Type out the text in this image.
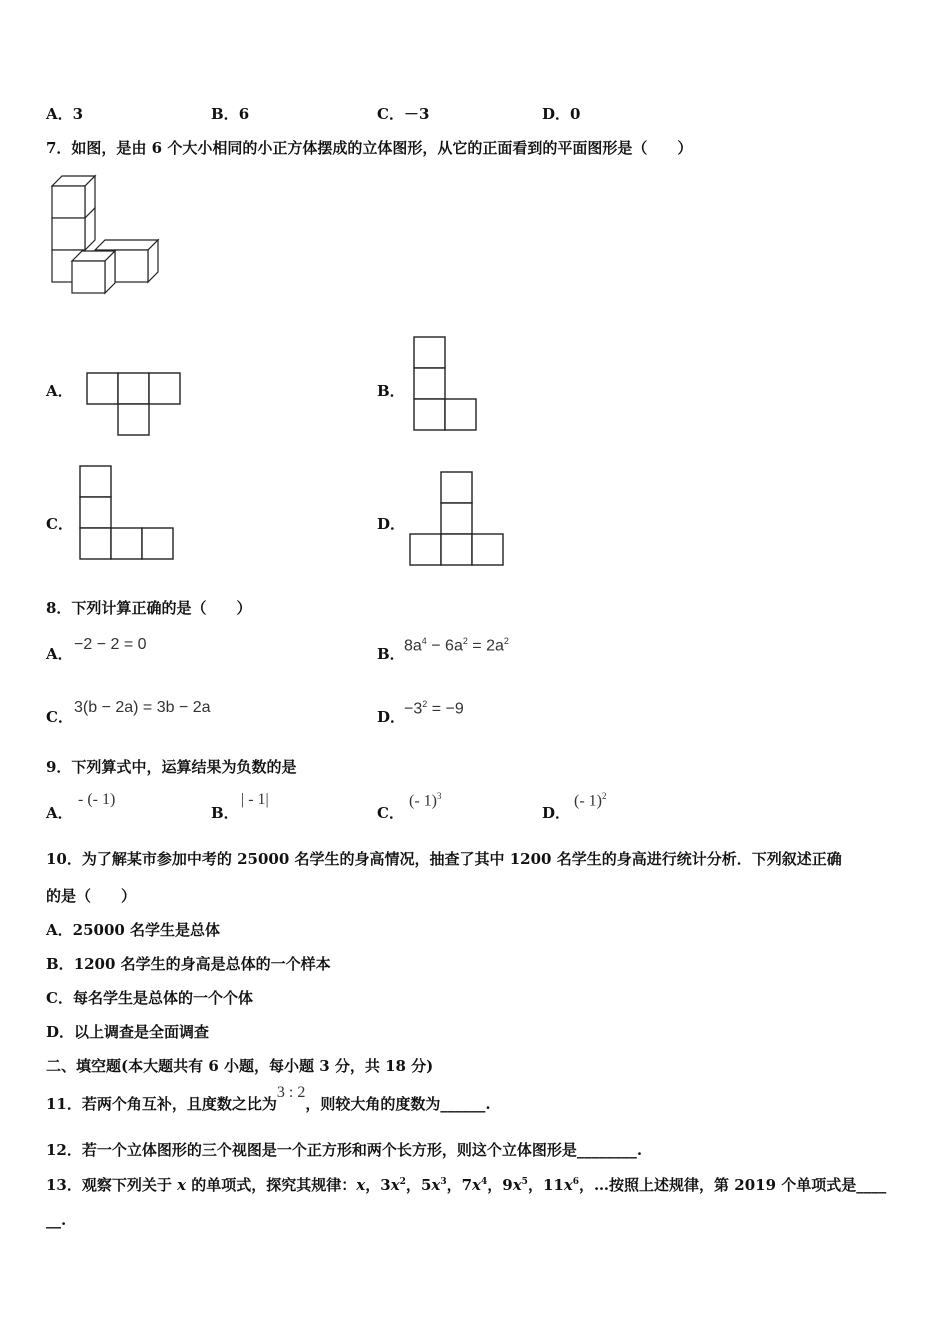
A．3	B．6	C．－3	D．0
7．如图，是由 6 个大小相同的小正方体摆成的立体图形，从它的正面看到的平面图形是（　　）
A．	B．
C．	D．
8．下列计算正确的是（　　）
A．
−2 − 2 = 0
B． $8a^4 - 6a^2 = 2a^2$
C．
3(b − 2a) = 3b − 2a
D．
$-3^2 = -9$
9．下列算式中，运算结果为负数的是
A．
- (- 1)
B．
| - 1|
C．
(- 1)$^3$
D．
(- 1)$^2$
10．为了解某市参加中考的 25000 名学生的身高情况，抽查了其中 1200 名学生的身高进行统计分析．下列叙述正确
的是（　　）
A．25000 名学生是总体
B．1200 名学生的身高是总体的一个样本
C．每名学生是总体的一个个体
D．以上调查是全面调查
二、填空题(本大题共有 6 小题，每小题 3 分，共 18 分)
11．若两个角互补，且度数之比为3 : 2，则较大角的度数为______.
12．若一个立体图形的三个视图是一个正方形和两个长方形，则这个立体图形是________.
13．观察下列关于 x 的单项式，探究其规律：x，$3x^2$，$5x^3$，$7x^4$，$9x^5$，$11x^6$，…按照上述规律，第 2019 个单项式是____
__.
